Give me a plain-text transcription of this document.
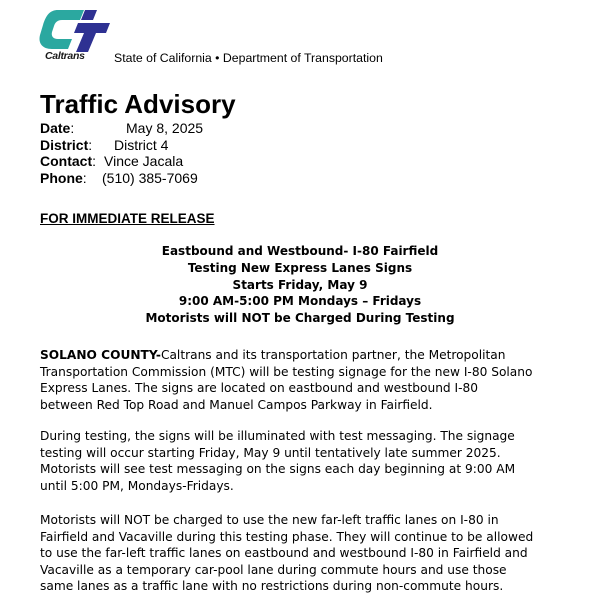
Caltrans State of California • Department of Transportation
Traffic Advisory
Date:	May 8, 2025
District: District 4
Contact: Vince Jacala
Phone: (510) 385-7069
FOR IMMEDIATE RELEASE
Eastbound and Westbound- I-80 Fairfield
Testing New Express Lanes Signs
Starts Friday, May 9
9:00 AM-5:00 PM Mondays – Fridays
Motorists will NOT be Charged During Testing
SOLANO COUNTY-Caltrans and its transportation partner, the Metropolitan
Transportation Commission (MTC) will be testing signage for the new I-80 Solano
Express Lanes. The signs are located on eastbound and westbound I-80
between Red Top Road and Manuel Campos Parkway in Fairfield.
During testing, the signs will be illuminated with test messaging. The signage
testing will occur starting Friday, May 9 until tentatively late summer 2025.
Motorists will see test messaging on the signs each day beginning at 9:00 AM
until 5:00 PM, Mondays-Fridays.
Motorists will NOT be charged to use the new far-left traffic lanes on I-80 in
Fairfield and Vacaville during this testing phase. They will continue to be allowed
to use the far-left traffic lanes on eastbound and westbound I-80 in Fairfield and
Vacaville as a temporary car-pool lane during commute hours and use those
same lanes as a traffic lane with no restrictions during non-commute hours.
